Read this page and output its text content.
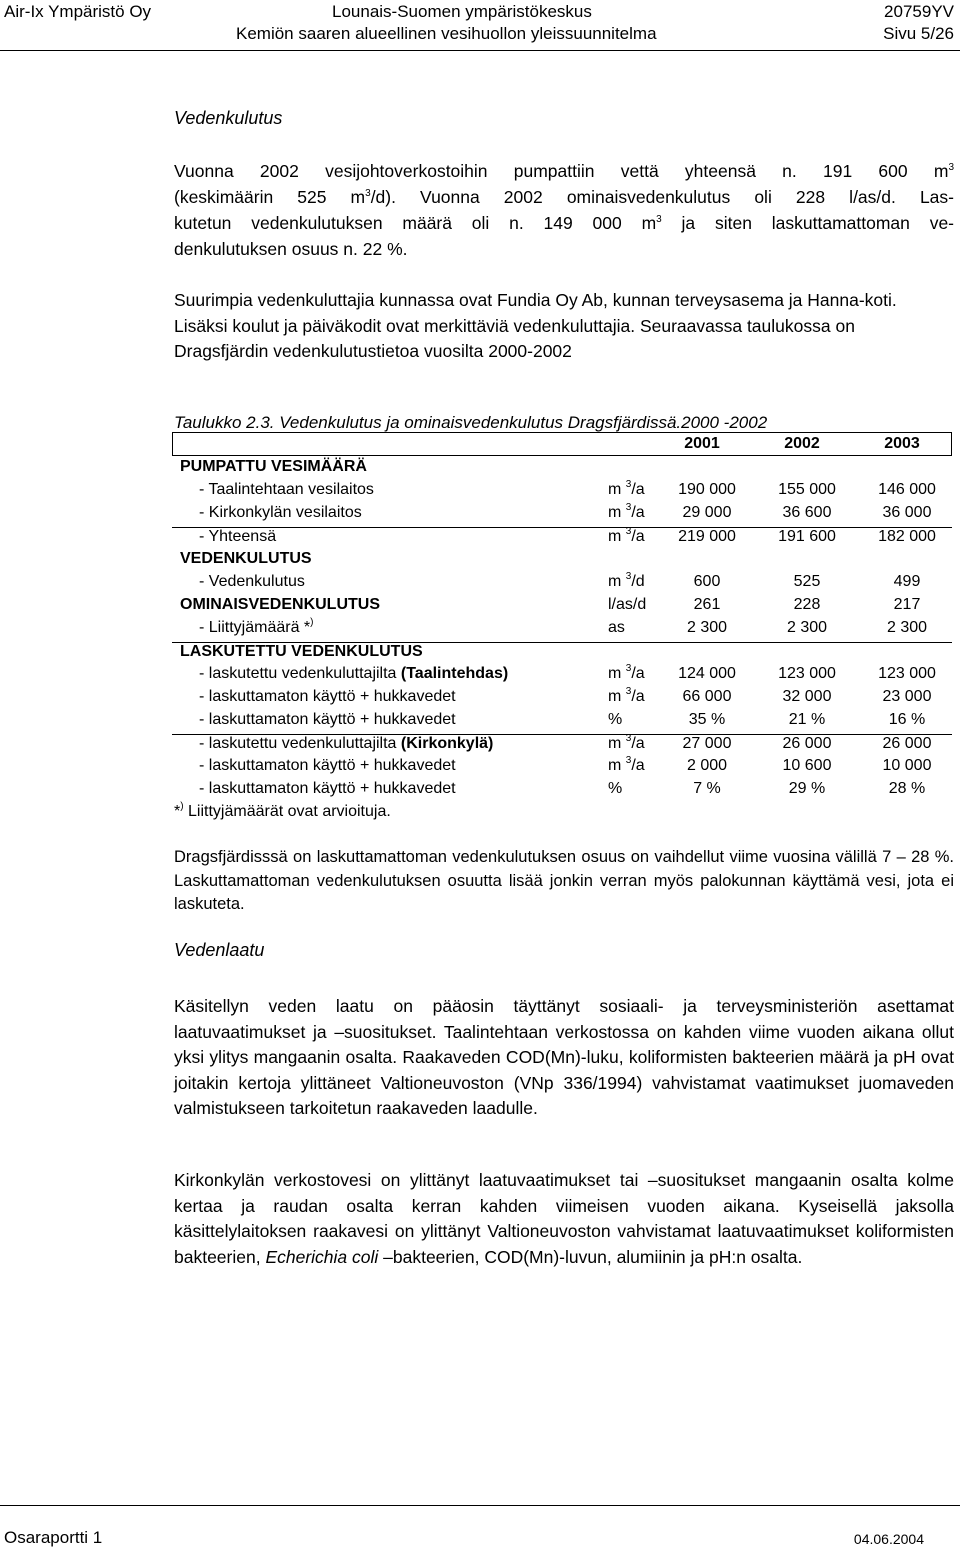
Air-Ix Ympäristö Oy	Lounais-Suomen ympäristökeskus	20759YV
Kemiön saaren alueellinen vesihuollon yleissuunnitelma	Sivu 5/26
Vedenkulutus
Vuonna 2002 vesijohtoverkostoihin pumpattiin vettä yhteensä n. 191 600 $m^3$
(keskimäärin 525 $m^3/d$). Vuonna 2002 ominaisvedenkulutus oli 228 l/as/d. Las-
kutetun vedenkulutuksen määrä oli n. 149 000 $m^3$ ja siten laskuttamattoman ve-
denkulutuksen osuus n. 22 %.

Suurimpia vedenkuluttajia kunnassa ovat Fundia Oy Ab, kunnan terveysasema ja Hanna-koti. Lisäksi koulut ja päiväkodit ovat merkittäviä vedenkuluttajia. Seuraavassa taulukossa on Dragsfjärdin vedenkulutustietoa vuosilta 2000-2002

Taulukko 2.3. Vedenkulutus ja ominaisvedenkulutus Dragsfjärdissä.2000 -2002
2001	2002	2003
PUMPATTU VESIMÄÄRÄ
- Taalintehtaan vesilaitos	m $^3$/a	190 000	155 000	146 000
- Kirkonkylän vesilaitos	m $^3$/a	29 000	36 600	36 000
- Yhteensä	m $^3$/a	219 000	191 600	182 000
VEDENKULUTUS
- Vedenkulutus	m $^3$/d	600	525	499
OMINAISVEDENKULUTUS	l/as/d	261	228	217
- Liittyjämäärä *)	as	2 300	2 300	2 300
LASKUTETTU VEDENKULUTUS
- laskutettu vedenkuluttajilta (Taalintehdas)	m $^3$/a	124 000	123 000	123 000
- laskuttamaton käyttö + hukkavedet	m $^3$/a	66 000	32 000	23 000
- laskuttamaton käyttö + hukkavedet	%	35 %	21 %	16 %
- laskutettu vedenkuluttajilta (Kirkonkylä)	m $^3$/a	27 000	26 000	26 000
- laskuttamaton käyttö + hukkavedet	m $^3$/a	2 000	10 600	10 000
- laskuttamaton käyttö + hukkavedet	%	7 %	29 %	28 %
*) Liittyjämäärät ovat arvioituja.

Dragsfjärdisssä on laskuttamattoman vedenkulutuksen osuus on vaihdellut viime vuosina välillä 7 – 28 %. Laskuttamattoman vedenkulutuksen osuutta lisää jonkin verran myös palokunnan käyttämä vesi, jota ei laskuteta.

Vedenlaatu

Käsitellyn veden laatu on pääosin täyttänyt sosiaali- ja terveysministeriön asettamat laatuvaatimukset ja –suositukset. Taalintehtaan verkostossa on kahden viime vuoden aikana ollut yksi ylitys mangaanin osalta. Raakaveden COD(Mn)-luku, koliformisten bakteerien määrä ja pH ovat joitakin kertoja ylittäneet Valtioneuvoston (VNp 336/1994) vahvistamat vaatimukset juomaveden valmistukseen tarkoitetun raakaveden laadulle.

Kirkonkylän verkostovesi on ylittänyt laatuvaatimukset tai –suositukset mangaanin osalta kolme kertaa ja raudan osalta kerran kahden viimeisen vuoden aikana. Kyseisellä jaksolla käsittelylaitoksen raakavesi on ylittänyt Valtioneuvoston vahvistamat laatuvaatimukset koliformisten bakteerien, Echerichia coli –bakteerien, COD(Mn)-luvun, alumiinin ja pH:n osalta.

Osaraportti 1	04.06.2004
